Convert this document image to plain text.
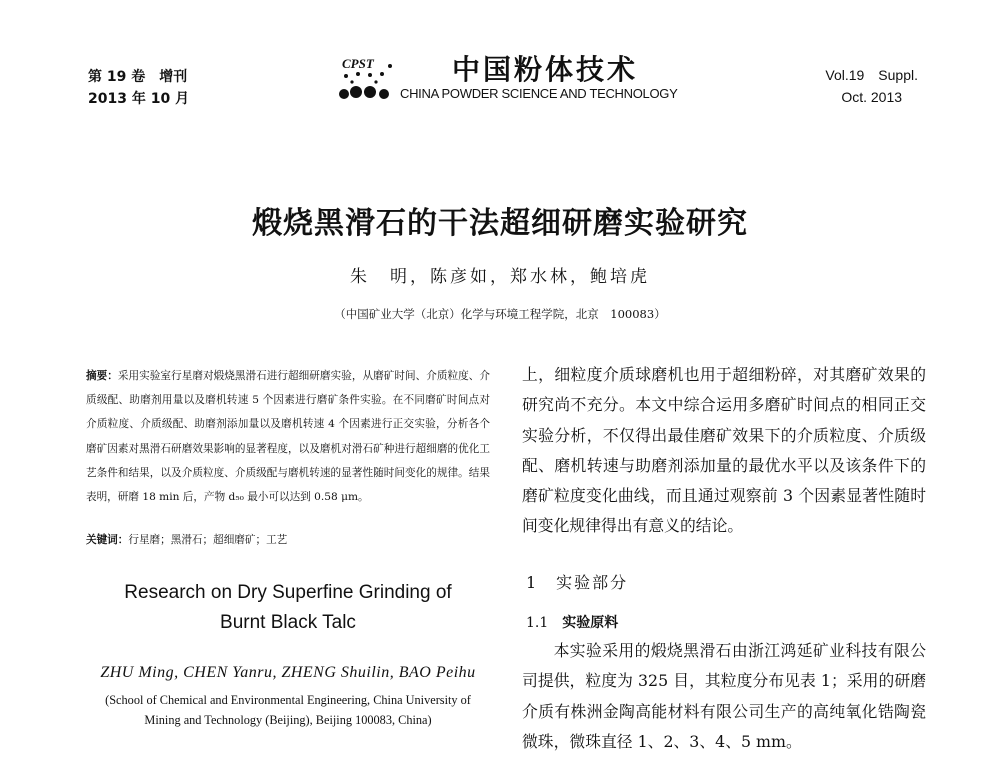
第 19 卷　增刊
2013 年 10 月
CPST	中国粉体技术
CHINA POWDER SCIENCE AND TECHNOLOGY
Vol.19　Suppl.
Oct. 2013
煅烧黑滑石的干法超细研磨实验研究
朱　明，陈彦如，郑水林，鲍培虎
（中国矿业大学（北京）化学与环境工程学院，北京　100083）
摘要：采用实验室行星磨对煅烧黑滑石进行超细研磨实验，从磨矿时间、介质粒度、介质级配、助磨剂用量以及磨机转速 5 个因素进行磨矿条件实验。在不同磨矿时间点对介质粒度、介质级配、助磨剂添加量以及磨机转速 4 个因素进行正交实验，分析各个磨矿因素对黑滑石研磨效果影响的显著程度，以及磨机对滑石矿种进行超细磨的优化工艺条件和结果，以及介质粒度、介质级配与磨机转速的显著性随时间变化的规律。结果表明，研磨 18 min 后，产物 d₅₀ 最小可以达到 0.58 μm。
关键词：行星磨；黑滑石；超细磨矿；工艺
Research on Dry Superfine Grinding of
Burnt Black Talc
ZHU Ming, CHEN Yanru, ZHENG Shuilin, BAO Peihu
(School of Chemical and Environmental Engineering, China University of
Mining and Technology (Beijing), Beijing 100083, China)
上，细粒度介质球磨机也用于超细粉碎，对其磨矿效果的研究尚不充分。本文中综合运用多磨矿时间点的相同正交实验分析，不仅得出最佳磨矿效果下的介质粒度、介质级配、磨机转速与助磨剂添加量的最优水平以及该条件下的磨矿粒度变化曲线，而且通过观察前 3 个因素显著性随时间变化规律得出有意义的结论。
1　实验部分
1.1 实验原料

本实验采用的煅烧黑滑石由浙江鸿延矿业科技有限公司提供，粒度为 325 目，其粒度分布见表 1；采用的研磨介质有株洲金陶高能材料有限公司生产的高纯氧化锆陶瓷微珠，微珠直径 1、2、3、4、5 mm。
